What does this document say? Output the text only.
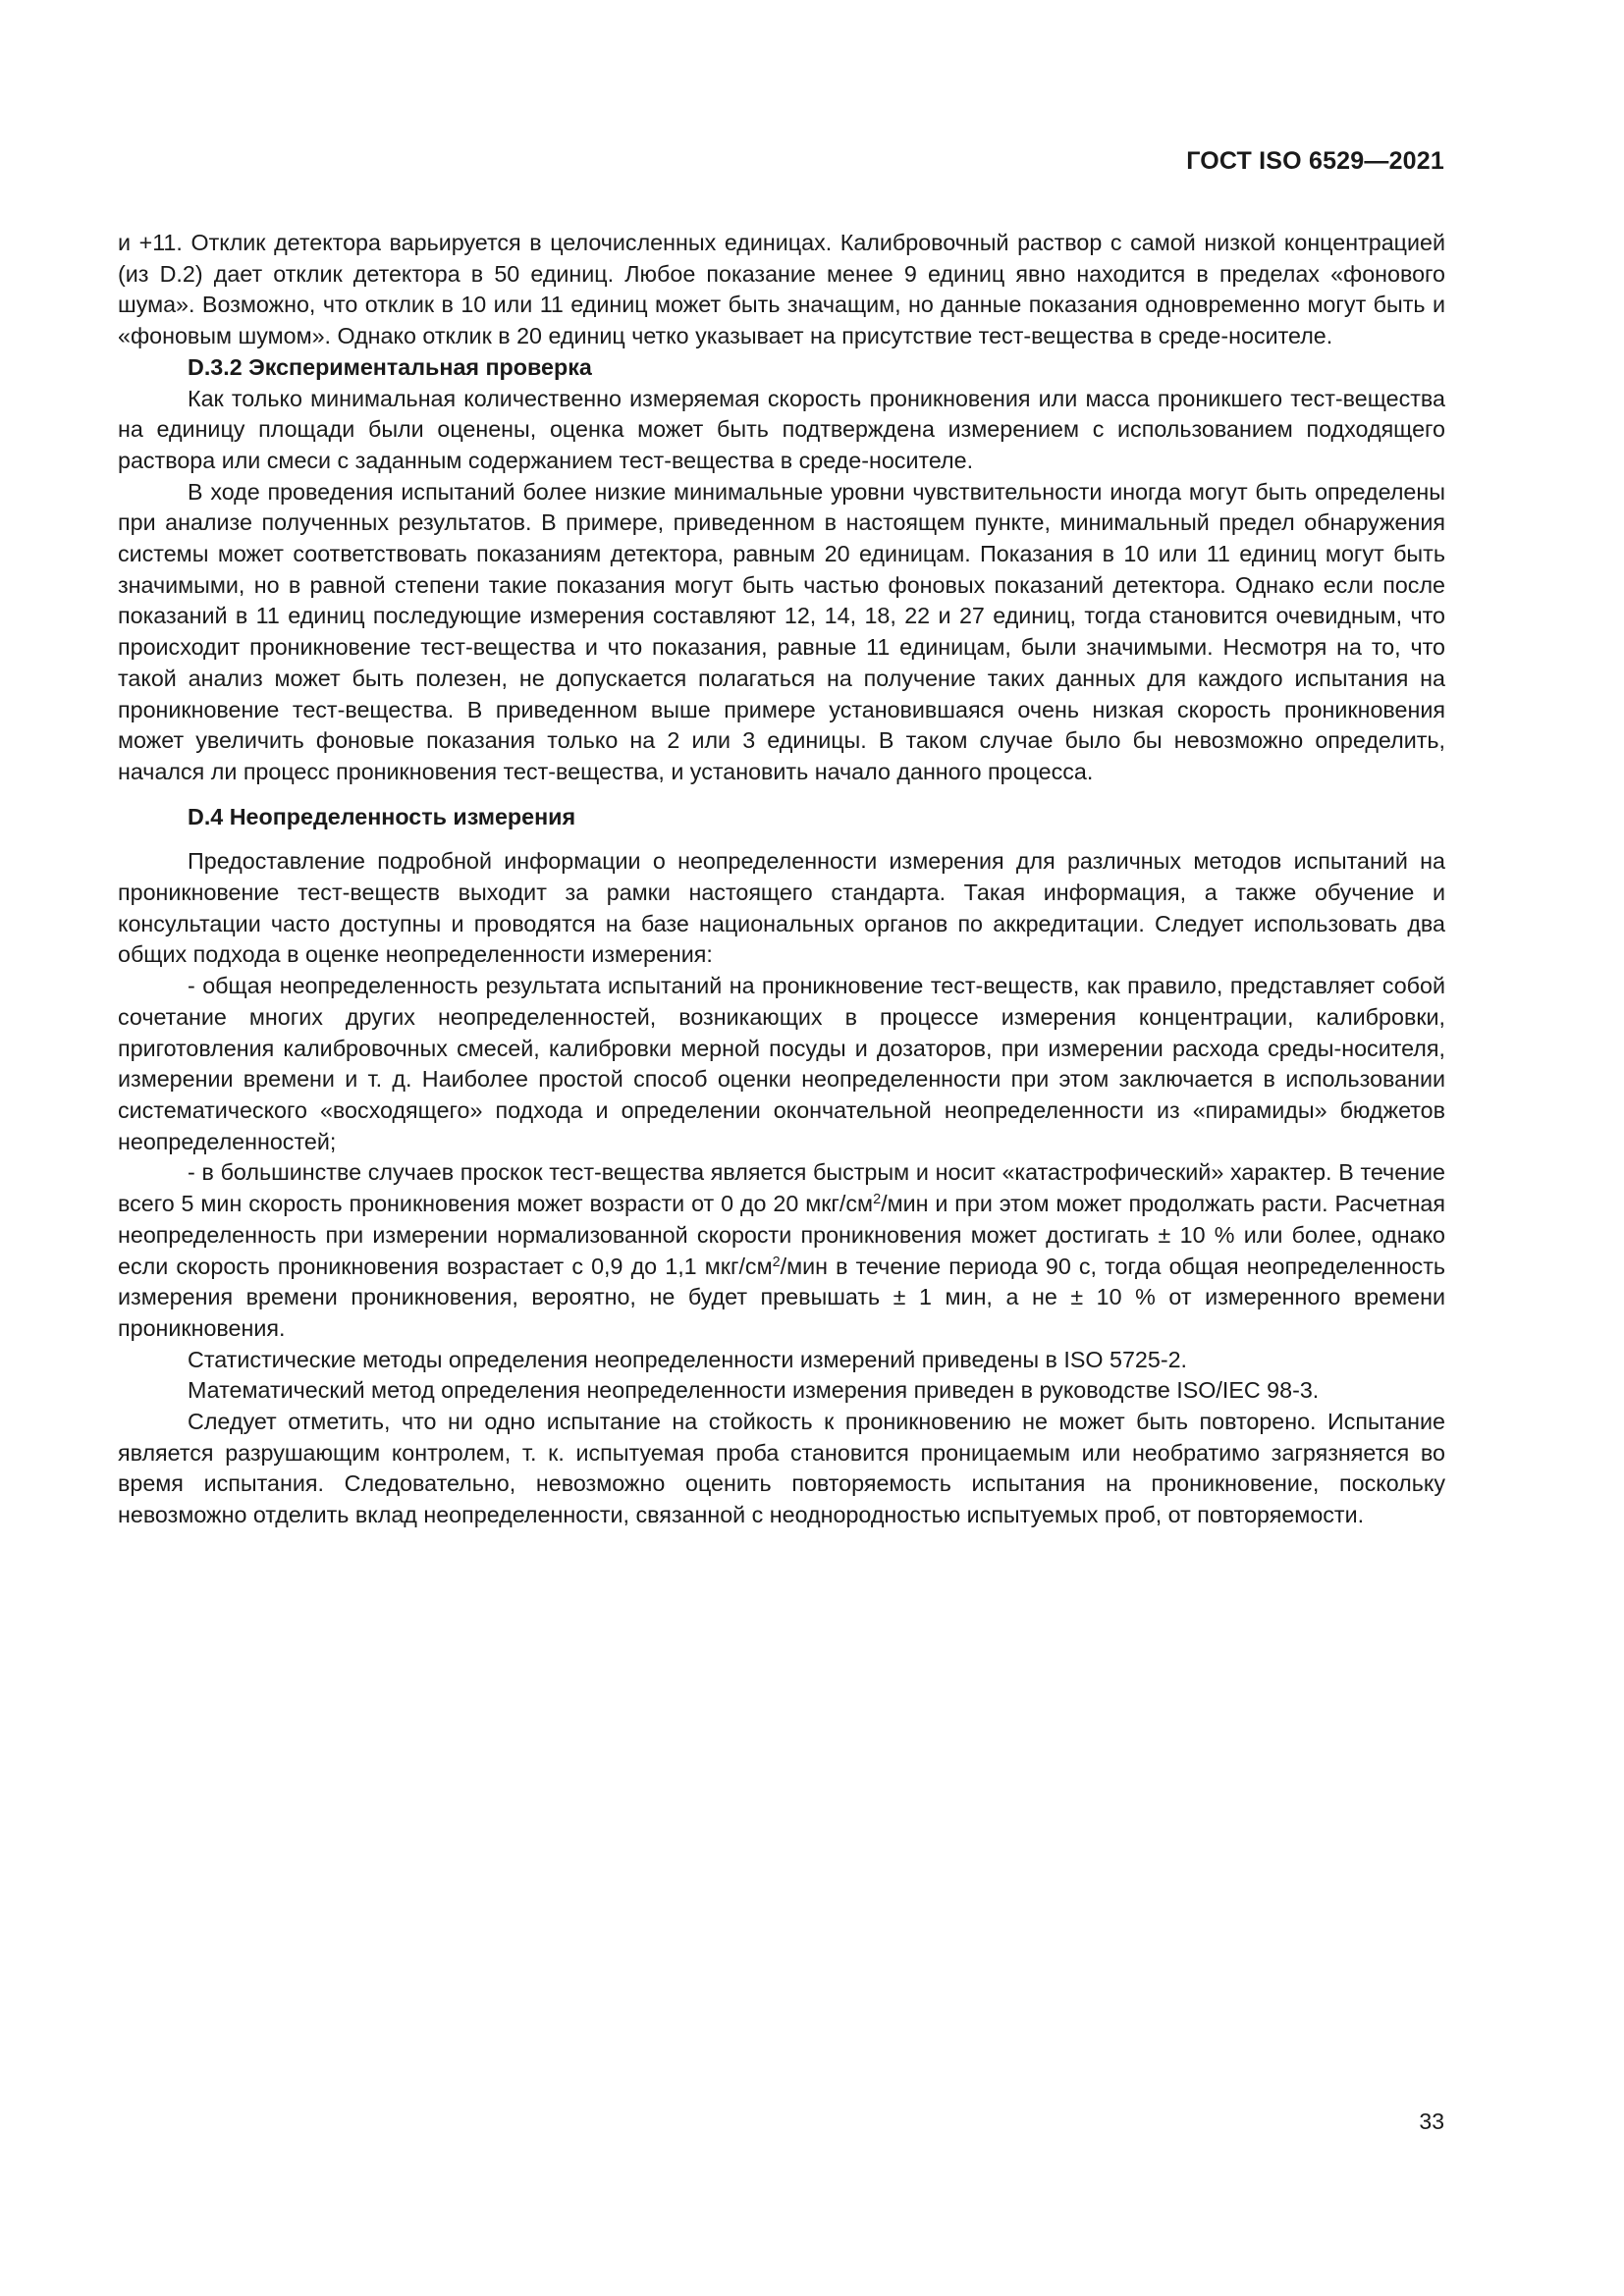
ГОСТ ISO 6529—2021

и +11. Отклик детектора варьируется в целочисленных единицах. Калибровочный раствор с самой низкой концентрацией (из D.2) дает отклик детектора в 50 единиц. Любое показание менее 9 единиц явно находится в пределах «фонового шума». Возможно, что отклик в 10 или 11 единиц может быть значащим, но данные показания одновременно могут быть и «фоновым шумом». Однако отклик в 20 единиц четко указывает на присутствие тест-вещества в среде-носителе.

D.3.2 Экспериментальная проверка

Как только минимальная количественно измеряемая скорость проникновения или масса проникшего тест-вещества на единицу площади были оценены, оценка может быть подтверждена измерением с использованием подходящего раствора или смеси с заданным содержанием тест-вещества в среде-носителе.

В ходе проведения испытаний более низкие минимальные уровни чувствительности иногда могут быть определены при анализе полученных результатов. В примере, приведенном в настоящем пункте, минимальный предел обнаружения системы может соответствовать показаниям детектора, равным 20 единицам. Показания в 10 или 11 единиц могут быть значимыми, но в равной степени такие показания могут быть частью фоновых показаний детектора. Однако если после показаний в 11 единиц последующие измерения составляют 12, 14, 18, 22 и 27 единиц, тогда становится очевидным, что происходит проникновение тест-вещества и что показания, равные 11 единицам, были значимыми. Несмотря на то, что такой анализ может быть полезен, не допускается полагаться на получение таких данных для каждого испытания на проникновение тест-вещества. В приведенном выше примере установившаяся очень низкая скорость проникновения может увеличить фоновые показания только на 2 или 3 единицы. В таком случае было бы невозможно определить, начался ли процесс проникновения тест-вещества, и установить начало данного процесса.

D.4 Неопределенность измерения

Предоставление подробной информации о неопределенности измерения для различных методов испытаний на проникновение тест-веществ выходит за рамки настоящего стандарта. Такая информация, а также обучение и консультации часто доступны и проводятся на базе национальных органов по аккредитации. Следует использовать два общих подхода в оценке неопределенности измерения:

- общая неопределенность результата испытаний на проникновение тест-веществ, как правило, представляет собой сочетание многих других неопределенностей, возникающих в процессе измерения концентрации, калибровки, приготовления калибровочных смесей, калибровки мерной посуды и дозаторов, при измерении расхода среды-носителя, измерении времени и т. д. Наиболее простой способ оценки неопределенности при этом заключается в использовании систематического «восходящего» подхода и определении окончательной неопределенности из «пирамиды» бюджетов неопределенностей;

- в большинстве случаев проскок тест-вещества является быстрым и носит «катастрофический» характер. В течение всего 5 мин скорость проникновения может возрасти от 0 до 20 мкг/$см^2$/мин и при этом может продолжать расти. Расчетная неопределенность при измерении нормализованной скорости проникновения может достигать ± 10 % или более, однако если скорость проникновения возрастает с 0,9 до 1,1 мкг/$см^2$/мин в течение периода 90 с, тогда общая неопределенность измерения времени проникновения, вероятно, не будет превышать ± 1 мин, а не ± 10 % от измеренного времени проникновения.

Статистические методы определения неопределенности измерений приведены в ISO 5725-2.

Математический метод определения неопределенности измерения приведен в руководстве ISO/IEC 98-3.

Следует отметить, что ни одно испытание на стойкость к проникновению не может быть повторено. Испытание является разрушающим контролем, т. к. испытуемая проба становится проницаемым или необратимо загрязняется во время испытания. Следовательно, невозможно оценить повторяемость испытания на проникновение, поскольку невозможно отделить вклад неопределенности, связанной с неоднородностью испытуемых проб, от повторяемости.

33
